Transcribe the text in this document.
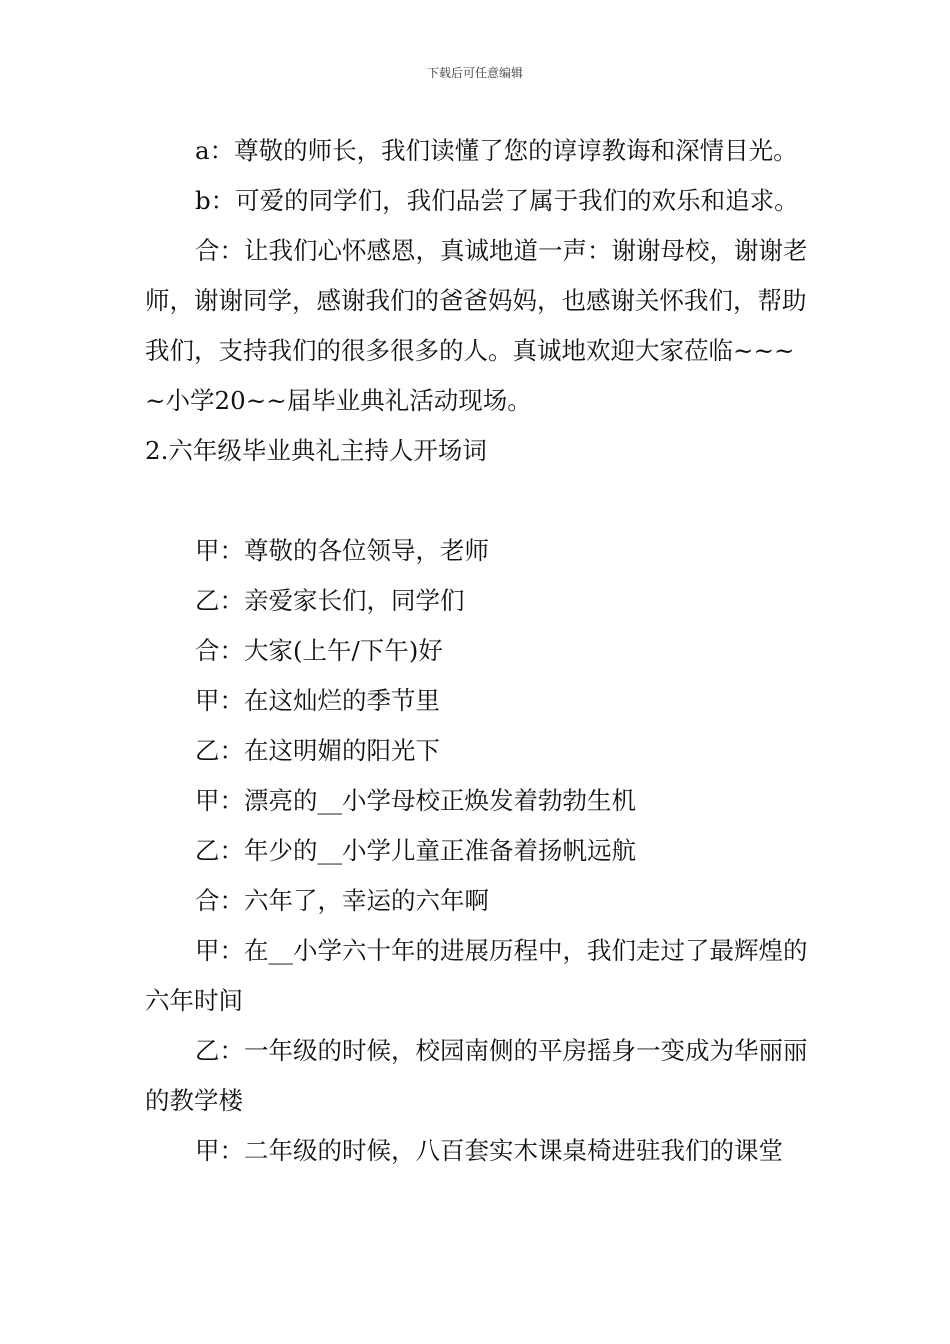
下载后可任意编辑

a：尊敬的师长，我们读懂了您的谆谆教诲和深情目光。

b：可爱的同学们，我们品尝了属于我们的欢乐和追求。

合：让我们心怀感恩，真诚地道一声：谢谢母校，谢谢老师，谢谢同学，感谢我们的爸爸妈妈，也感谢关怀我们，帮助我们，支持我们的很多很多的人。真诚地欢迎大家莅临~~~~小学20~~届毕业典礼活动现场。

2.六年级毕业典礼主持人开场词

甲：尊敬的各位领导，老师

乙：亲爱家长们，同学们

合：大家(上午/下午)好

甲：在这灿烂的季节里

乙：在这明媚的阳光下

甲：漂亮的__小学母校正焕发着勃勃生机

乙：年少的__小学儿童正准备着扬帆远航

合：六年了，幸运的六年啊

甲：在__小学六十年的进展历程中，我们走过了最辉煌的六年时间

乙：一年级的时候，校园南侧的平房摇身一变成为华丽丽的教学楼

甲：二年级的时候，八百套实木课桌椅进驻我们的课堂
